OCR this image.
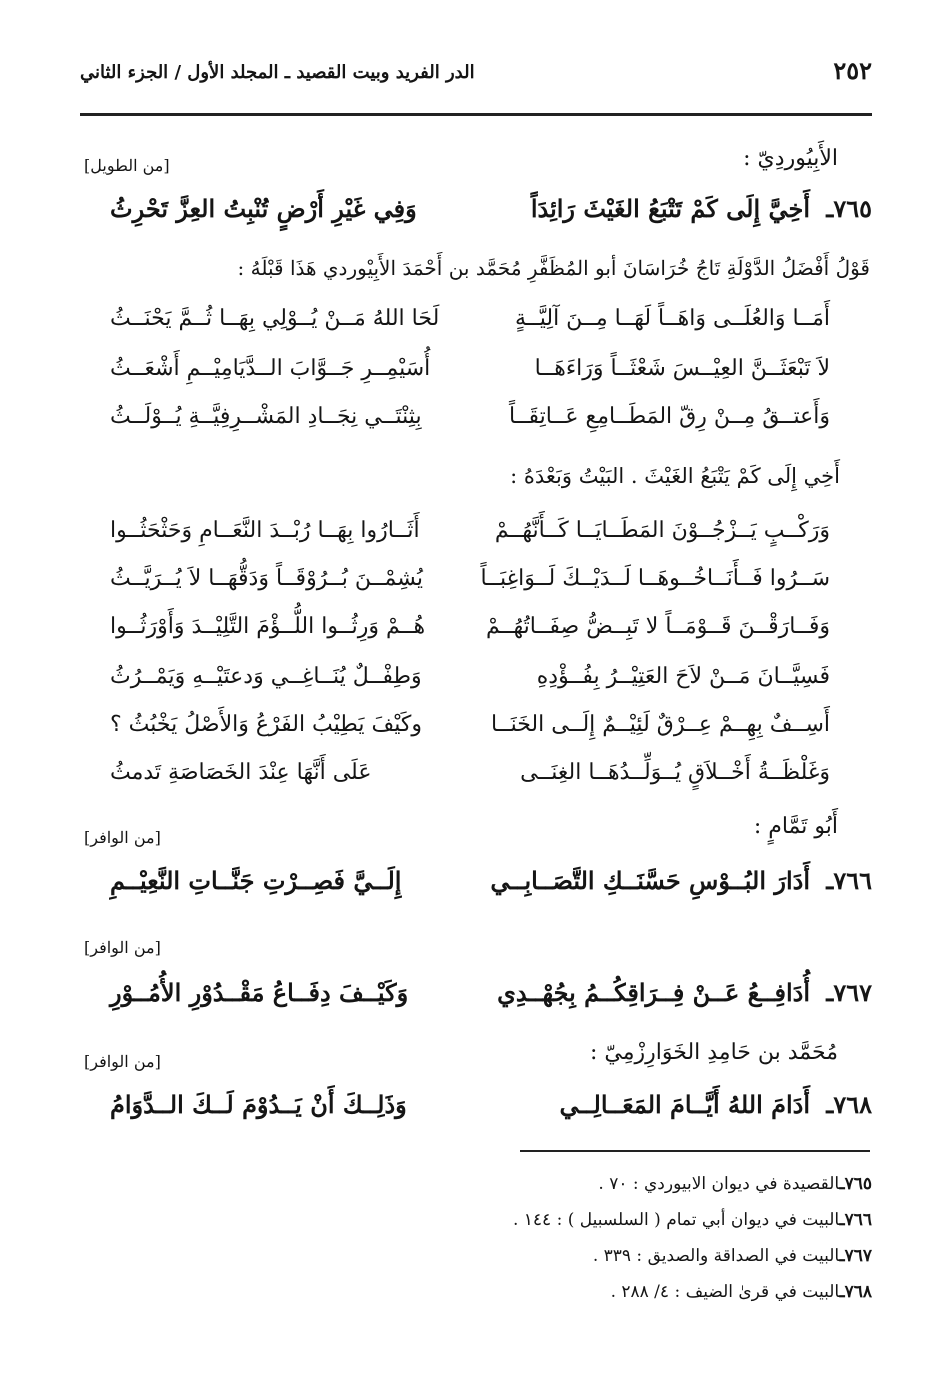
٢٥٢
الدر الفريد وبيت القصيد ـ المجلد الأول / الجزء الثاني
الأَبِيُوردِيّ :
[من الطويل]
٧٦٥ـ
أَخِيَّ إِلَى كَمْ تَتْبَعُ الغَيْثَ رَائِدَاً
وَفِي غَيْرِ أَرْضٍ تُنْبِتُ العِزَّ تَحْرِثُ
قَوْلُ أَفْضَلُ الدَّوْلَةِ تَاجُ خُرَاسَانَ أبو المُظَفَّرِ مُحَمَّد بن أَحْمَدَ الأَبِيْوردي هَذَا قَبْلَهُ :
أَمَــا وَالعُلَــى وَاهَــاً لَهَــا مِــنَ آلِيَّــةٍ
لَحَا اللهُ مَــنْ يُــوْلِي بِهَــا ثُــمَّ يَحْنَــثُ
لاَ تَبْعَثَــنَّ العِيْــسَ شَعْثَــاً وَرَاءَهَــا
أُسَيْمِــرِ جَــوَّابَ الــدَّيَامِيْــمِ أَشْعَــثُ
وَأَعتــقُ مِــنْ رِقّ المَطَــامِعِ عَــاتِقَــاً
بِثِنْتَــي نِجَــادِ المَشْــرِفِيَّــةِ يُــوْلَــثُ
أَخِي إِلَى كَمْ يَتْبَعُ الغَيْثَ . البَيْتُ وَبَعْدَهُ :
وَرَكْــبٍ يَــزْجُــوْنَ المَطَــايَــا كَــأَنَّهُــمْ
أَثَــارُوا بِهَــا رُبْــدَ النَّعَــامِ وَحَثْحَثُــوا
سَــرُوا فَــأَنَــاخُــوهَــا لَــدَيْــكَ لَــوَاغِبَــاً
يُشِمْــنَ بُــرُوْقَــاً وَدَقُّهَــا لاَ يُــرَيَّــثُ
وَفَــارَقْــنَ قَــوْمَــاً لا تَبِــضُّ صِفَــاتُهُــمْ
هُــمْ وَرِثُــوا اللُّــؤْمَ التَّلِيْــدَ وَأَوْرَثُــوا
فَسِيَّــانَ مَــنْ لاَحَ العَتِيْــرُ بِفُــؤْدِهِ
وَطِفْــلٌ يُنَــاغِــي وَدعتَيْــهِ وَيَمْــرُثُ
أَسِــفٌ بِهِــمْ عِــرْقٌ لَئِيْــمٌ إِلَــى الخَنَــا
وكَيْفَ يَطِيْبُ الفَرْعُ وَالأَصْلُ يَخْبُثُ ؟
وَغَلْظَــةُ أَخْــلاَقٍ يُــوَلِّــدُهَــا الغِنَــى
عَلَى أَنَّهَا عِنْدَ الخَصَاصَةِ تَدمثُ
أَبُو تَمَّامٍ :
[من الوافر]
٧٦٦ـ
أَدَارَ البُــوْسِ حَسَّنَــكِ التَّصَــابِــي
إِلَــيَّ فَصِــرْتِ جَنَّــاتِ النَّعِيْــمِ
[من الوافر]
٧٦٧ـ
أُدَافِــعُ عَــنْ فِــرَاقِكُــمُ بِجُهْــدِي
وَكَيْــفَ دِفَــاعُ مَقْــدُوْرِ الأُمُــوْرِ
مُحَمَّد بن حَامِدِ الخَوَارِزْمِيّ :
[من الوافر]
٧٦٨ـ
أَدَامَ اللهُ أَيَّــامَ المَعَــالِــي
وَذَلِــكَ أَنْ يَــدُوْمَ لَــكَ الــدَّوَامُ
٧٦٥ـالقصيدة في ديوان الابيوردي : ٧٠ .
٧٦٦ـالبيت في ديوان أبي تمام ( السلسبيل ) : ١٤٤ .
٧٦٧ـالبيت في الصداقة والصديق : ٣٣٩ .
٧٦٨ـالبيت في قرىٰ الضيف : ٤/ ٢٨٨ .
